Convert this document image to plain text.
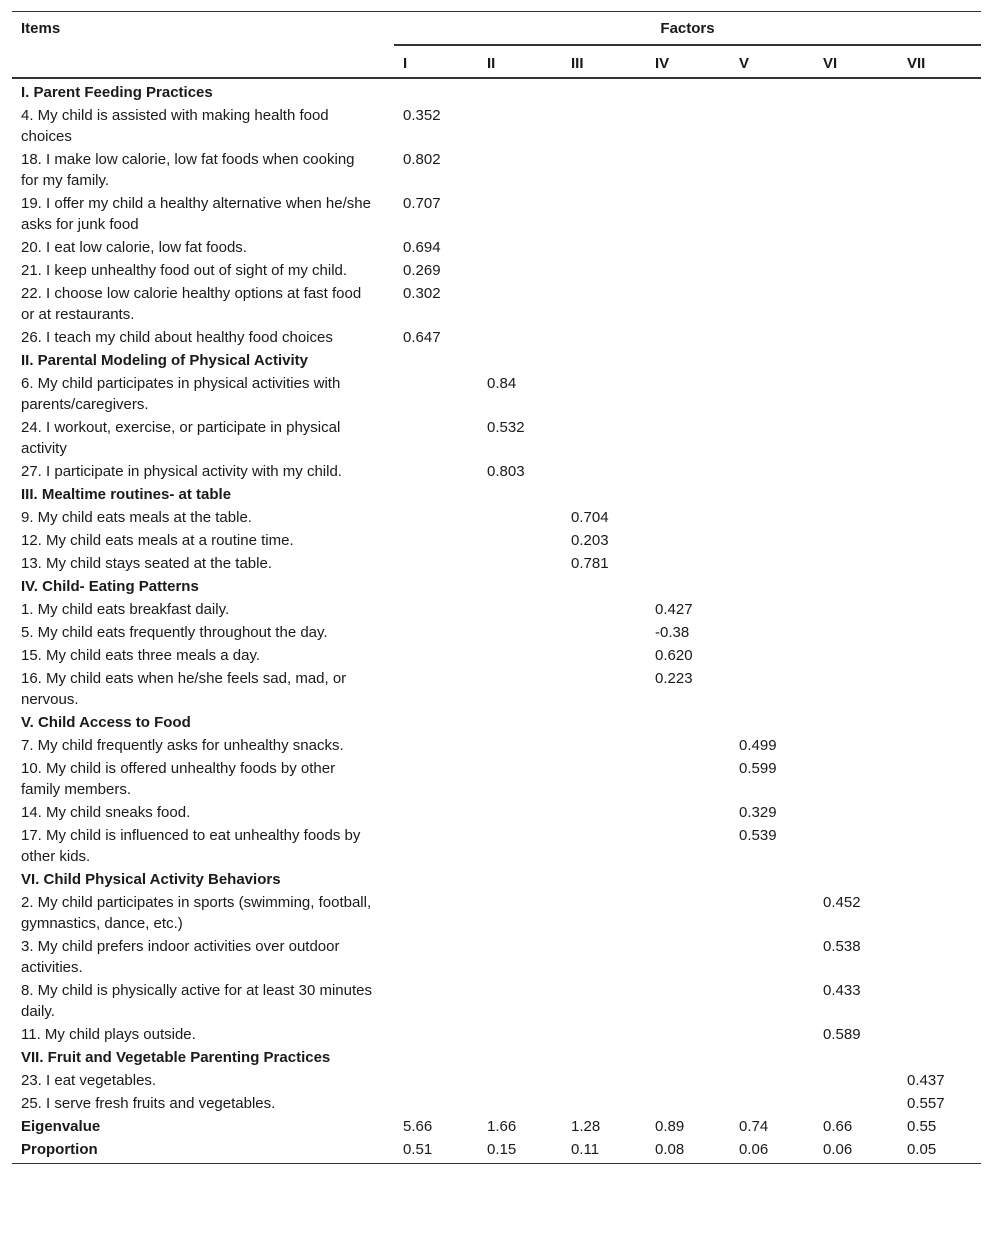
Items	Factors						
	I	II	III	IV	V	VI	VII
I. Parent Feeding Practices							
4. My child is assisted with making health food choices	0.352						
18. I make low calorie, low fat foods when cooking for my family.	0.802						
19. I offer my child a healthy alternative when he/she asks for junk food	0.707						
20. I eat low calorie, low fat foods.	0.694						
21. I keep unhealthy food out of sight of my child.	0.269						
22. I choose low calorie healthy options at fast food or at restaurants.	0.302						
26. I teach my child about healthy food choices	0.647						
II. Parental Modeling of Physical Activity							
6. My child participates in physical activities with parents/caregivers.		0.84					
24. I workout, exercise, or participate in physical activity		0.532					
27. I participate in physical activity with my child.		0.803					
III. Mealtime routines- at table							
9. My child eats meals at the table.			0.704				
12. My child eats meals at a routine time.			0.203				
13. My child stays seated at the table.			0.781				
IV. Child- Eating Patterns							
1. My child eats breakfast daily.				0.427			
5. My child eats frequently throughout the day.				-0.38			
15. My child eats three meals a day.				0.620			
16. My child eats when he/she feels sad, mad, or nervous.				0.223			
V. Child Access to Food							
7. My child frequently asks for unhealthy snacks.					0.499		
10. My child is offered unhealthy foods by other family members.					0.599		
14. My child sneaks food.					0.329		
17. My child is influenced to eat unhealthy foods by other kids.					0.539		
VI. Child Physical Activity Behaviors							
2. My child participates in sports (swimming, football, gymnastics, dance, etc.)						0.452	
3. My child prefers indoor activities over outdoor activities.						0.538	
8. My child is physically active for at least 30 minutes daily.						0.433	
11. My child plays outside.						0.589	
VII. Fruit and Vegetable Parenting Practices							
23. I eat vegetables.							0.437
25. I serve fresh fruits and vegetables.							0.557
Eigenvalue	5.66	1.66	1.28	0.89	0.74	0.66	0.55
Proportion	0.51	0.15	0.11	0.08	0.06	0.06	0.05
